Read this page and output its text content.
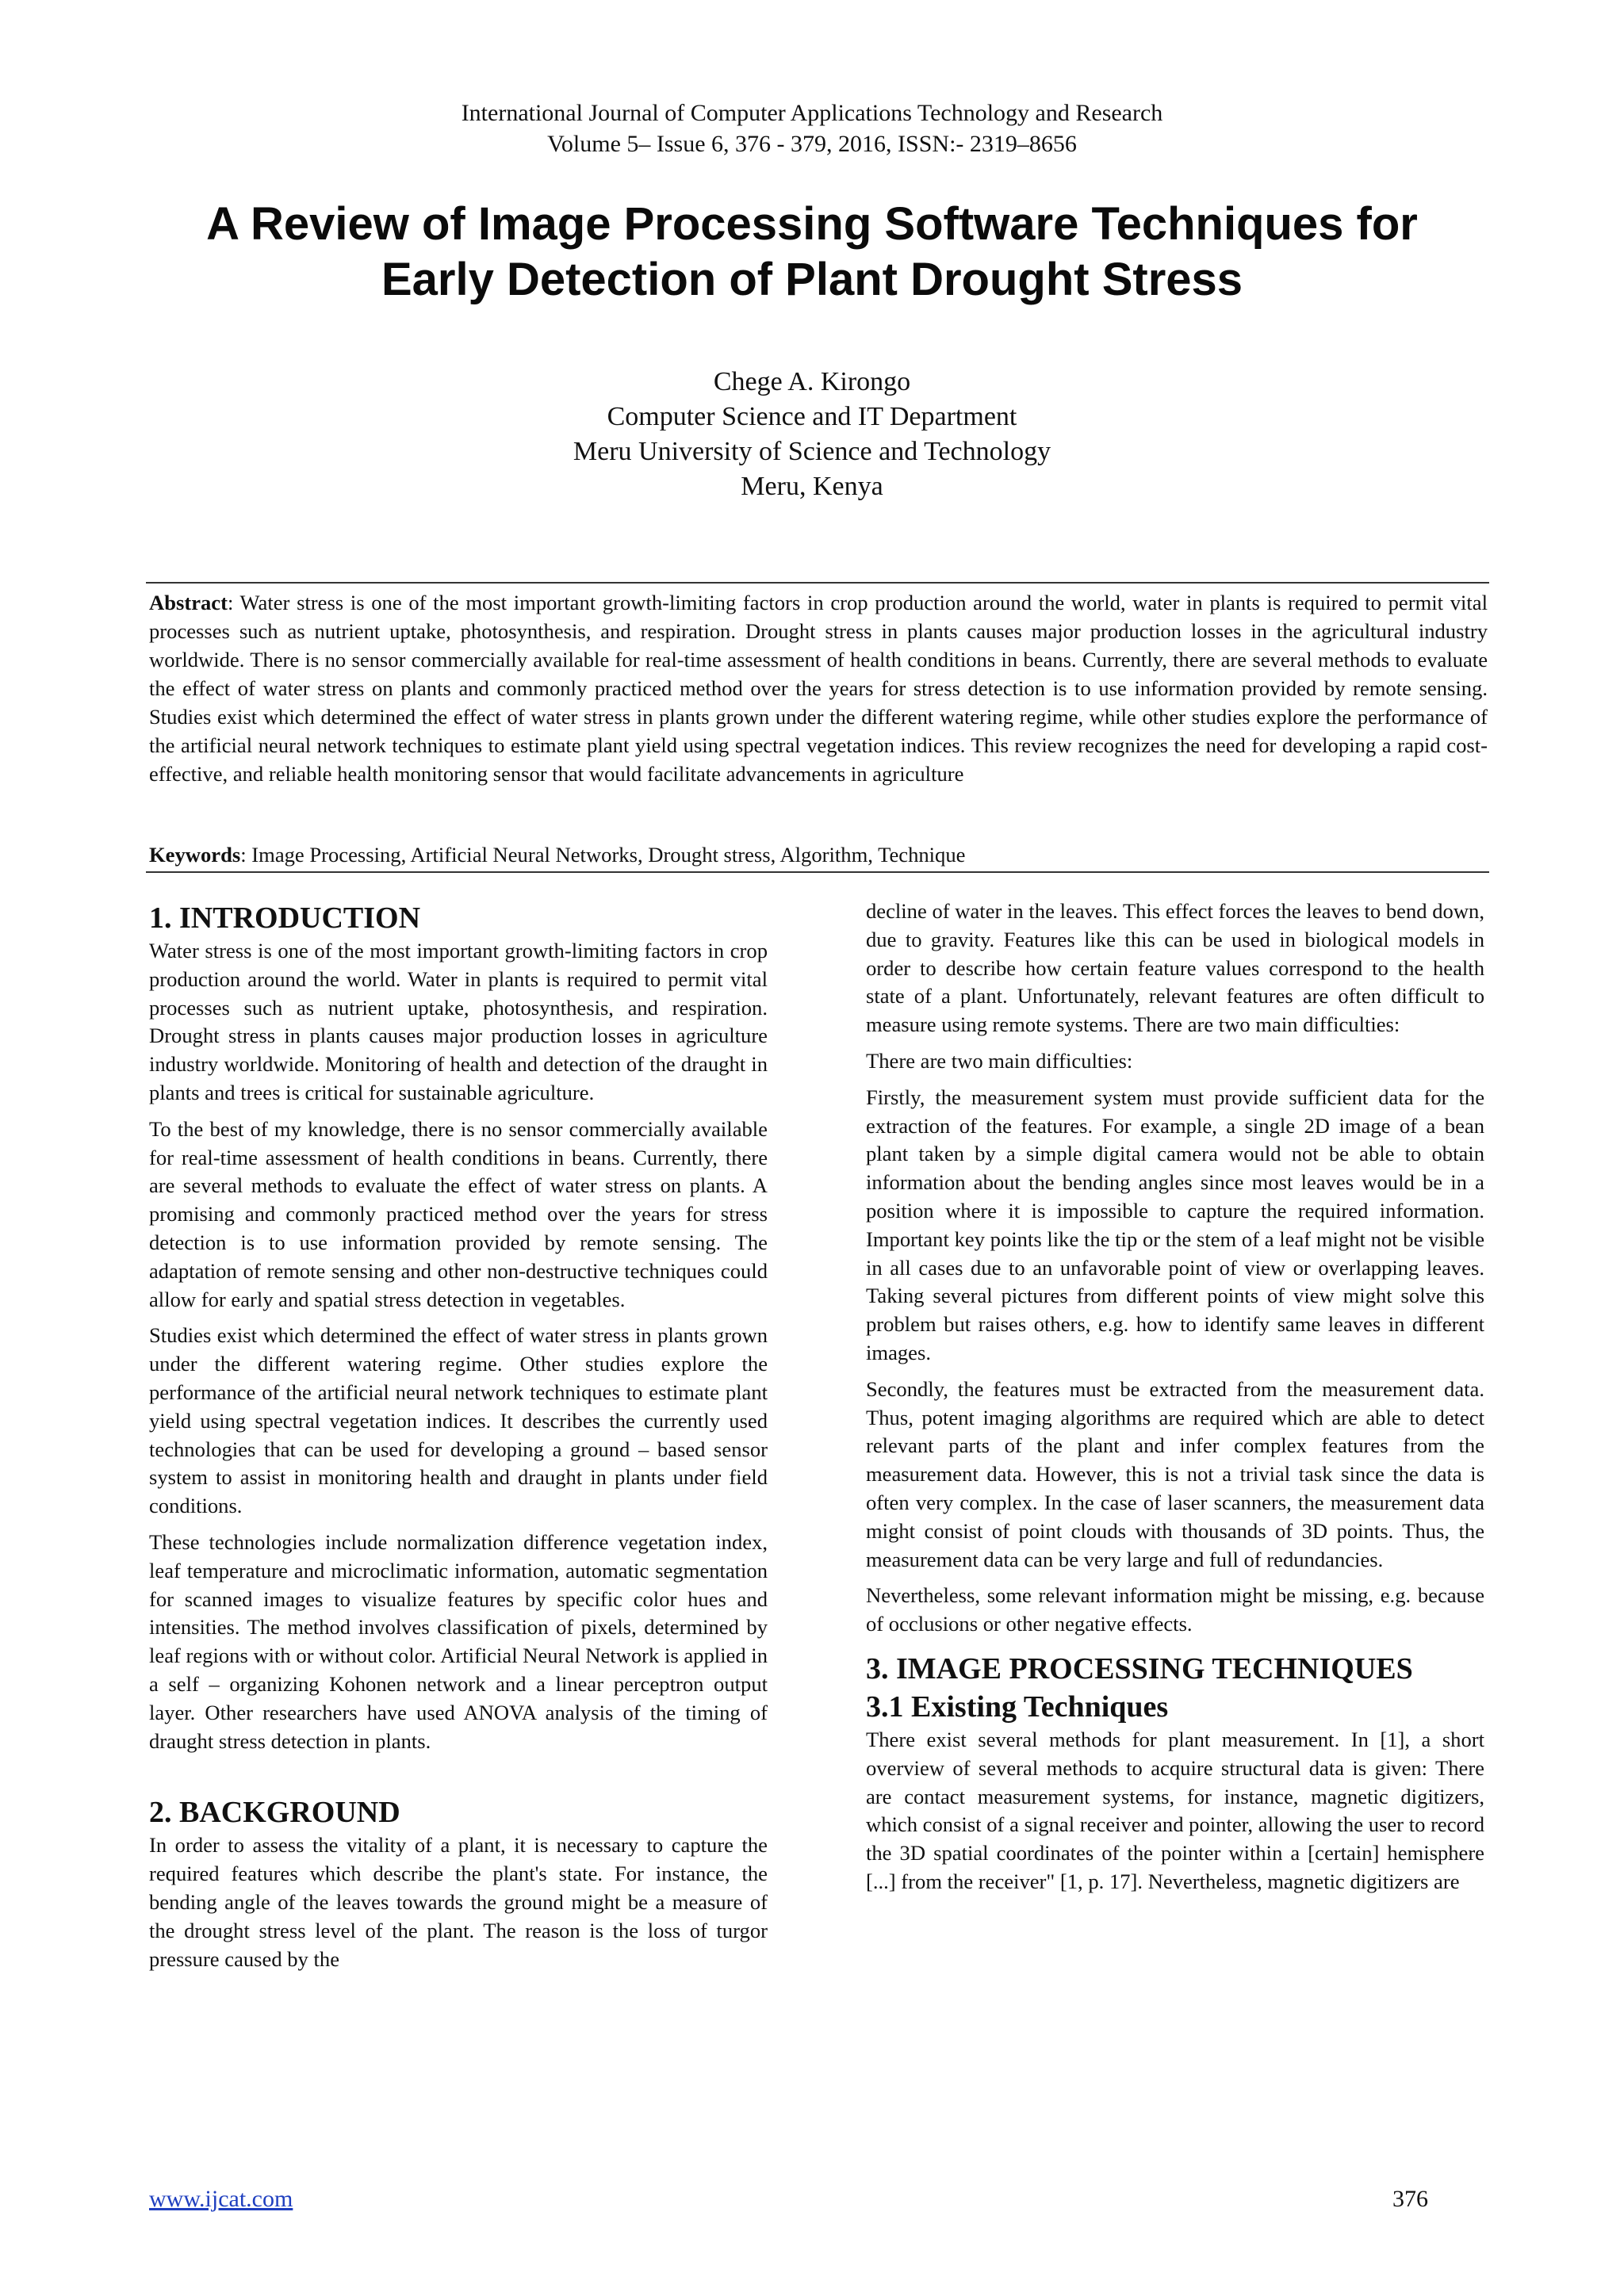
International Journal of Computer Applications Technology and Research
Volume 5– Issue 6, 376 - 379, 2016, ISSN:- 2319–8656
A Review of Image Processing Software Techniques for
Early Detection of Plant Drought Stress
Chege A. Kirongo
Computer Science and IT Department
Meru University of Science and Technology
Meru, Kenya
Abstract: Water stress is one of the most important growth-limiting factors in crop production around the world, water in plants is required to permit vital processes such as nutrient uptake, photosynthesis, and respiration. Drought stress in plants causes major production losses in the agricultural industry worldwide. There is no sensor commercially available for real-time assessment of health conditions in beans. Currently, there are several methods to evaluate the effect of water stress on plants and commonly practiced method over the years for stress detection is to use information provided by remote sensing. Studies exist which determined the effect of water stress in plants grown under the different watering regime, while other studies explore the performance of the artificial neural network techniques to estimate plant yield using spectral vegetation indices. This review recognizes the need for developing a rapid cost-effective, and reliable health monitoring sensor that would facilitate advancements in agriculture
Keywords: Image Processing, Artificial Neural Networks, Drought stress, Algorithm, Technique
1. INTRODUCTION

Water stress is one of the most important growth-limiting factors in crop production around the world. Water in plants is required to permit vital processes such as nutrient uptake, photosynthesis, and respiration. Drought stress in plants causes major production losses in agriculture industry worldwide. Monitoring of health and detection of the draught in plants and trees is critical for sustainable agriculture.

To the best of my knowledge, there is no sensor commercially available for real-time assessment of health conditions in beans. Currently, there are several methods to evaluate the effect of water stress on plants. A promising and commonly practiced method over the years for stress detection is to use information provided by remote sensing. The adaptation of remote sensing and other non-destructive techniques could allow for early and spatial stress detection in vegetables.

Studies exist which determined the effect of water stress in plants grown under the different watering regime. Other studies explore the performance of the artificial neural network techniques to estimate plant yield using spectral vegetation indices. It describes the currently used technologies that can be used for developing a ground – based sensor system to assist in monitoring health and draught in plants under field conditions.

These technologies include normalization difference vegetation index, leaf temperature and microclimatic information, automatic segmentation for scanned images to visualize features by specific color hues and intensities. The method involves classification of pixels, determined by leaf regions with or without color. Artificial Neural Network is applied in a self – organizing Kohonen network and a linear perceptron output layer. Other researchers have used ANOVA analysis of the timing of draught stress detection in plants.

2. BACKGROUND

In order to assess the vitality of a plant, it is necessary to capture the required features which describe the plant's state. For instance, the bending angle of the leaves towards the ground might be a measure of the drought stress level of the plant. The reason is the loss of turgor pressure caused by the

decline of water in the leaves. This effect forces the leaves to bend down, due to gravity. Features like this can be used in biological models in order to describe how certain feature values correspond to the health state of a plant. Unfortunately, relevant features are often difficult to measure using remote systems. There are two main difficulties:

There are two main difficulties:

Firstly, the measurement system must provide sufficient data for the extraction of the features. For example, a single 2D image of a bean plant taken by a simple digital camera would not be able to obtain information about the bending angles since most leaves would be in a position where it is impossible to capture the required information. Important key points like the tip or the stem of a leaf might not be visible in all cases due to an unfavorable point of view or overlapping leaves. Taking several pictures from different points of view might solve this problem but raises others, e.g. how to identify same leaves in different images.

Secondly, the features must be extracted from the measurement data. Thus, potent imaging algorithms are required which are able to detect relevant parts of the plant and infer complex features from the measurement data. However, this is not a trivial task since the data is often very complex. In the case of laser scanners, the measurement data might consist of point clouds with thousands of 3D points. Thus, the measurement data can be very large and full of redundancies.

Nevertheless, some relevant information might be missing, e.g. because of occlusions or other negative effects.

3. IMAGE PROCESSING TECHNIQUES
3.1 Existing Techniques

There exist several methods for plant measurement. In [1], a short overview of several methods to acquire structural data is given: There are contact measurement systems, for instance, magnetic digitizers, which consist of a signal receiver and pointer, allowing the user to record the 3D spatial coordinates of the pointer within a [certain] hemisphere [...] from the receiver" [1, p. 17]. Nevertheless, magnetic digitizers are

www.ijcat.com	376
